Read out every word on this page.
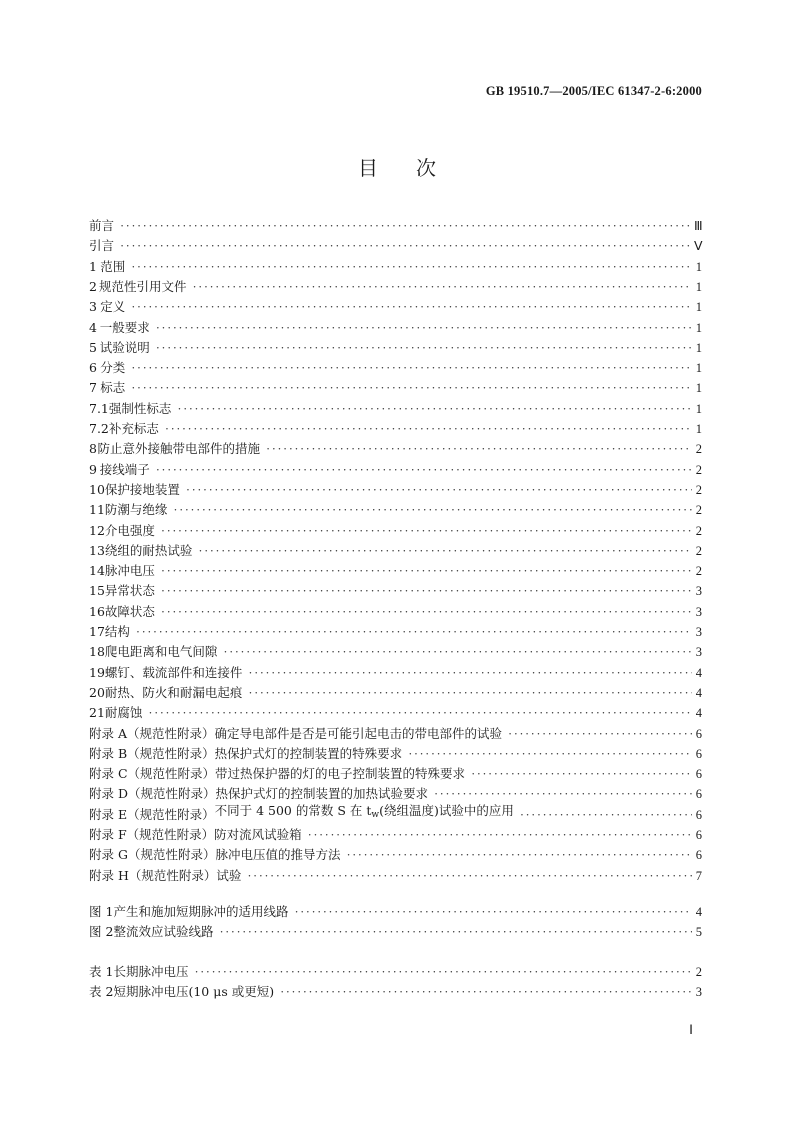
GB 19510.7—2005/IEC 61347-2-6:2000
目次
前言 ·····	Ⅲ
引言 ·····	Ⅴ
1 范围 ·····	1
2 规范性引用文件 ·····	1
3 定义 ·····	1
4 一般要求 ·····	1
5 试验说明 ·····	1
6 分类 ·····	1
7 标志 ·····	1
7.1 强制性标志 ·····	1
7.2 补充标志 ·····	1
8 防止意外接触带电部件的措施 ·····	2
9 接线端子 ·····	2
10 保护接地装置 ·····	2
11 防潮与绝缘 ·····	2
12 介电强度 ·····	2
13 绕组的耐热试验 ·····	2
14 脉冲电压 ·····	2
15 异常状态 ·····	3
16 故障状态 ·····	3
17 结构 ·····	3
18 爬电距离和电气间隙 ·····	3
19 螺钉、载流部件和连接件 ·····	4
20 耐热、防火和耐漏电起痕 ·····	4
21 耐腐蚀 ·····	4
附录 A（规范性附录） 确定导电部件是否是可能引起电击的带电部件的试验 ·····	6
附录 B（规范性附录） 热保护式灯的控制装置的特殊要求 ·····	6
附录 C（规范性附录） 带过热保护器的灯的电子控制装置的特殊要求 ·····	6
附录 D（规范性附录） 热保护式灯的控制装置的加热试验要求 ·····	6
附录 E（规范性附录） 不同于 4 500 的常数 S 在 $t_w$(绕组温度)试验中的应用 ·····	6
附录 F（规范性附录） 防对流风试验箱 ·····	6
附录 G（规范性附录） 脉冲电压值的推导方法 ·····	6
附录 H（规范性附录） 试验 ·····	7
图 1 产生和施加短期脉冲的适用线路 ·····	4
图 2 整流效应试验线路 ·····	5
表 1 长期脉冲电压 ·····	2
表 2 短期脉冲电压(10 μs 或更短) ·····	3
Ⅰ
